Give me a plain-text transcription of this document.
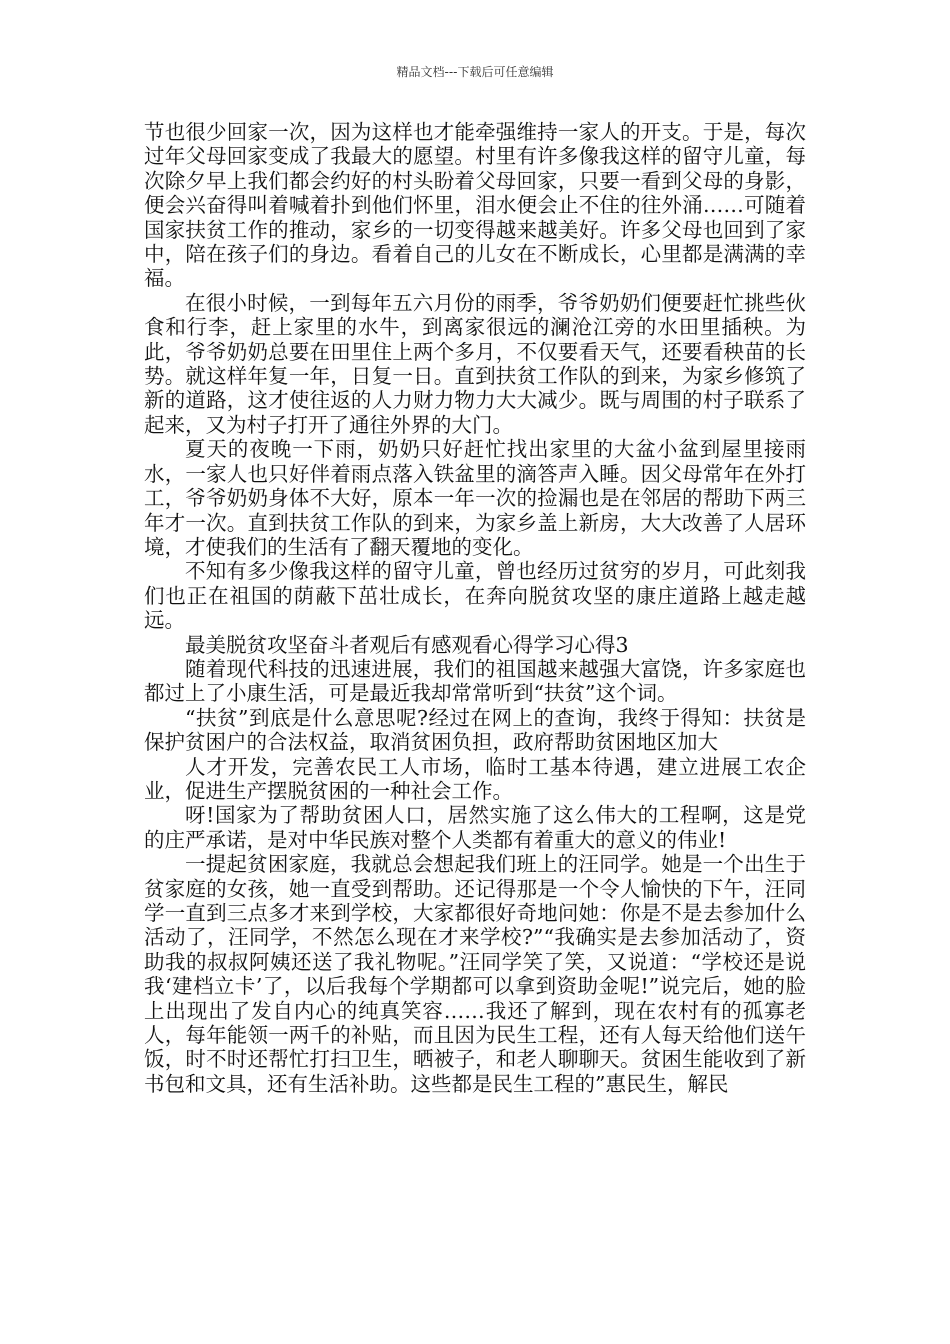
精品文档---下载后可任意编辑

节也很少回家一次，因为这样也才能牵强维持一家人的开支。于是，每次过年父母回家变成了我最大的愿望。村里有许多像我这样的留守儿童，每次除夕早上我们都会约好的村头盼着父母回家，只要一看到父母的身影，便会兴奋得叫着喊着扑到他们怀里，泪水便会止不住的往外涌……可随着国家扶贫工作的推动，家乡的一切变得越来越美好。许多父母也回到了家中，陪在孩子们的身边。看着自己的儿女在不断成长，心里都是满满的幸福。

在很小时候，一到每年五六月份的雨季，爷爷奶奶们便要赶忙挑些伙食和行李，赶上家里的水牛，到离家很远的澜沧江旁的水田里插秧。为此，爷爷奶奶总要在田里住上两个多月，不仅要看天气，还要看秧苗的长势。就这样年复一年，日复一日。直到扶贫工作队的到来，为家乡修筑了新的道路，这才使往返的人力财力物力大大减少。既与周围的村子联系了起来，又为村子打开了通往外界的大门。

夏天的夜晚一下雨，奶奶只好赶忙找出家里的大盆小盆到屋里接雨水，一家人也只好伴着雨点落入铁盆里的滴答声入睡。因父母常年在外打工，爷爷奶奶身体不大好，原本一年一次的捡漏也是在邻居的帮助下两三年才一次。直到扶贫工作队的到来，为家乡盖上新房，大大改善了人居环境，才使我们的生活有了翻天覆地的变化。

不知有多少像我这样的留守儿童，曾也经历过贫穷的岁月，可此刻我们也正在祖国的荫蔽下茁壮成长，在奔向脱贫攻坚的康庄道路上越走越远。

最美脱贫攻坚奋斗者观后有感观看心得学习心得3

随着现代科技的迅速进展，我们的祖国越来越强大富饶，许多家庭也都过上了小康生活，可是最近我却常常听到“扶贫”这个词。

“扶贫”到底是什么意思呢?经过在网上的查询，我终于得知：扶贫是保护贫困户的合法权益，取消贫困负担，政府帮助贫困地区加大

人才开发，完善农民工人市场，临时工基本待遇，建立进展工农企业，促进生产摆脱贫困的一种社会工作。

呀!国家为了帮助贫困人口，居然实施了这么伟大的工程啊，这是党的庄严承诺，是对中华民族对整个人类都有着重大的意义的伟业!

一提起贫困家庭，我就总会想起我们班上的汪同学。她是一个出生于贫家庭的女孩，她一直受到帮助。还记得那是一个令人愉快的下午，汪同学一直到三点多才来到学校，大家都很好奇地问她：你是不是去参加什么活动了，汪同学，不然怎么现在才来学校?”“我确实是去参加活动了，资助我的叔叔阿姨还送了我礼物呢。”汪同学笑了笑，又说道：“学校还是说我‘建档立卡’了，以后我每个学期都可以拿到资助金呢!”说完后，她的脸上出现出了发自内心的纯真笑容……我还了解到，现在农村有的孤寡老人，每年能领一两千的补贴，而且因为民生工程，还有人每天给他们送午饭，时不时还帮忙打扫卫生，晒被子，和老人聊聊天。贫困生能收到了新书包和文具，还有生活补助。这些都是民生工程的”惠民生，解民
